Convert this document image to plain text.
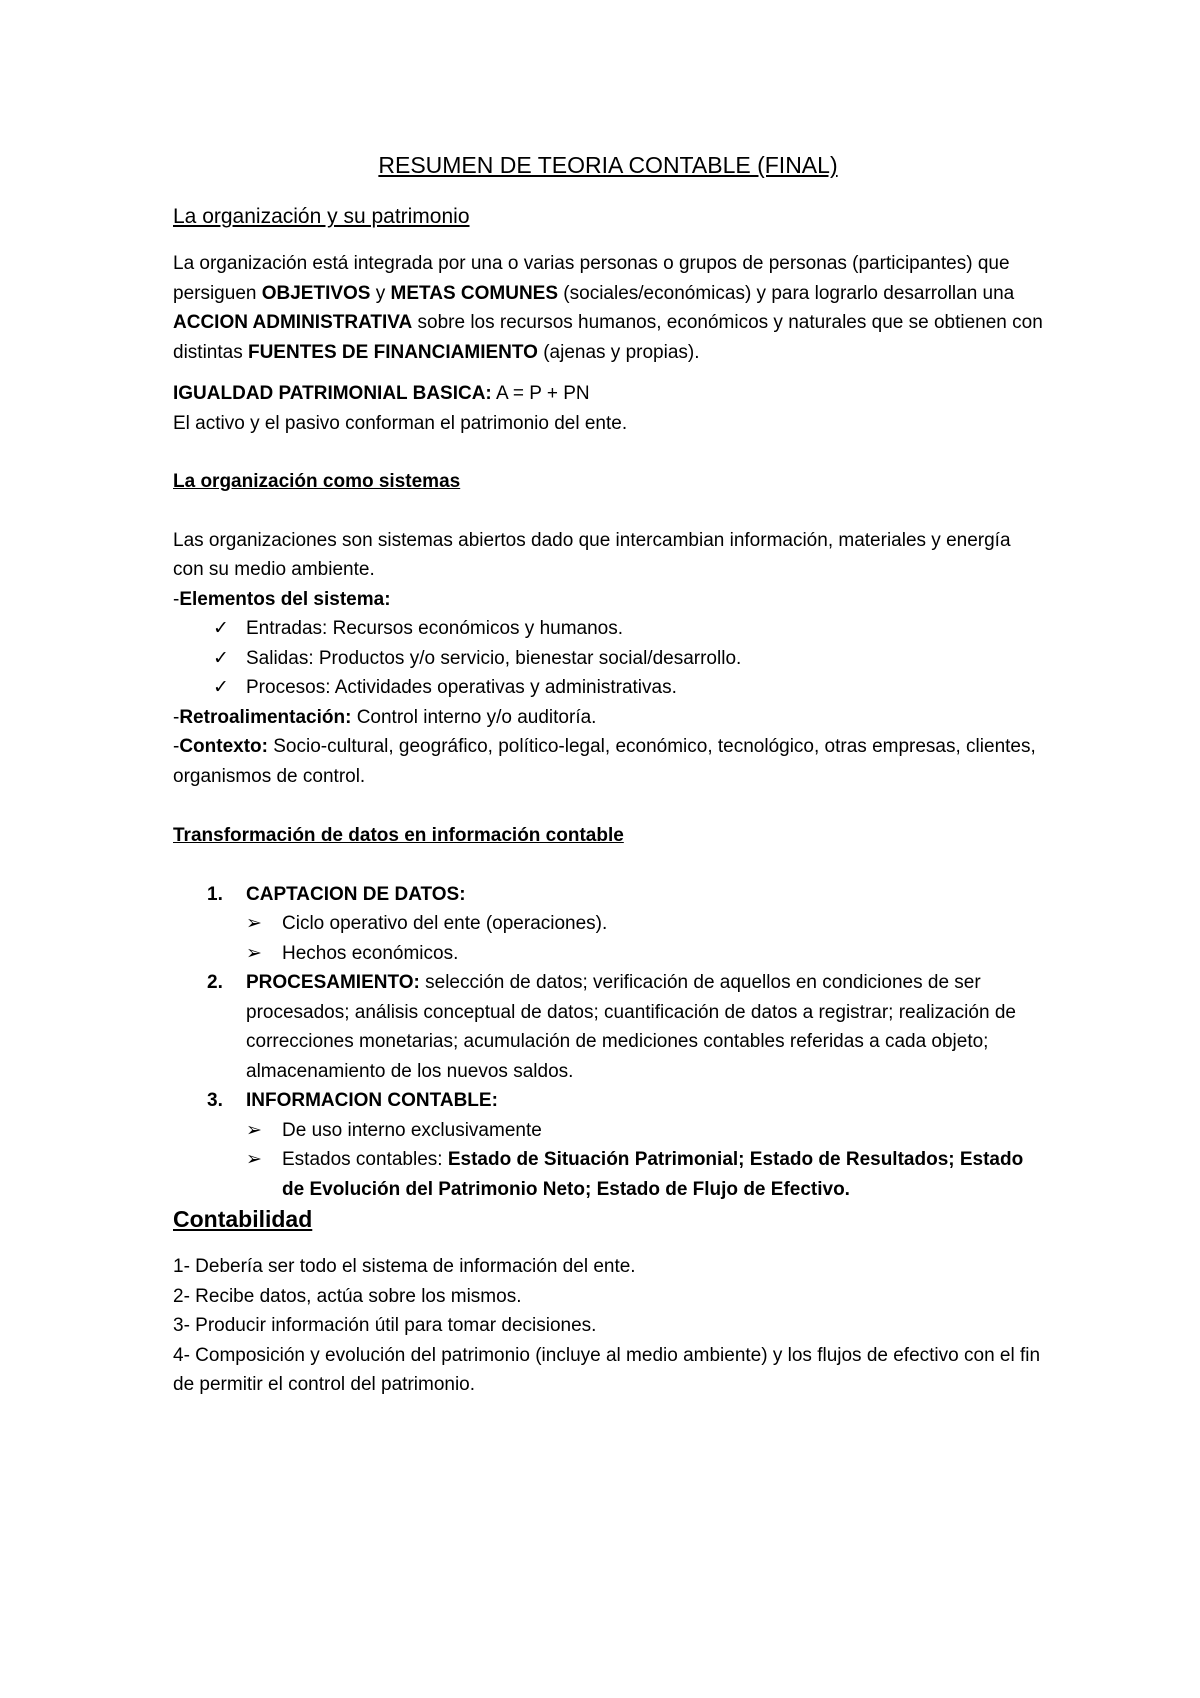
RESUMEN DE TEORIA CONTABLE (FINAL)
La organización y su patrimonio

La organización está integrada por una o varias personas o grupos de personas (participantes) que persiguen OBJETIVOS y METAS COMUNES (sociales/económicas) y para lograrlo desarrollan una ACCION ADMINISTRATIVA sobre los recursos humanos, económicos y naturales que se obtienen con distintas FUENTES DE FINANCIAMIENTO (ajenas y propias).

IGUALDAD PATRIMONIAL BASICA: A = P + PN

El activo y el pasivo conforman el patrimonio del ente.

La organización como sistemas

Las organizaciones son sistemas abiertos dado que intercambian información, materiales y energía con su medio ambiente.

-Elementos del sistema:

✓ Entradas: Recursos económicos y humanos.
✓ Salidas: Productos y/o servicio, bienestar social/desarrollo.
✓ Procesos: Actividades operativas y administrativas.

-Retroalimentación: Control interno y/o auditoría.

-Contexto: Socio-cultural, geográfico, político-legal, económico, tecnológico, otras empresas, clientes, organismos de control.

Transformación de datos en información contable
1. CAPTACION DE DATOS:
➢ Ciclo operativo del ente (operaciones).
➢ Hechos económicos.
2. PROCESAMIENTO: selección de datos; verificación de aquellos en condiciones de ser procesados; análisis conceptual de datos; cuantificación de datos a registrar; realización de correcciones monetarias; acumulación de mediciones contables referidas a cada objeto; almacenamiento de los nuevos saldos.
3. INFORMACION CONTABLE:
➢ De uso interno exclusivamente
➢ Estados contables: Estado de Situación Patrimonial; Estado de Resultados; Estado de Evolución del Patrimonio Neto; Estado de Flujo de Efectivo.
Contabilidad

1- Debería ser todo el sistema de información del ente.

2- Recibe datos, actúa sobre los mismos.

3- Producir información útil para tomar decisiones.

4- Composición y evolución del patrimonio (incluye al medio ambiente) y los flujos de efectivo con el fin de permitir el control del patrimonio.
